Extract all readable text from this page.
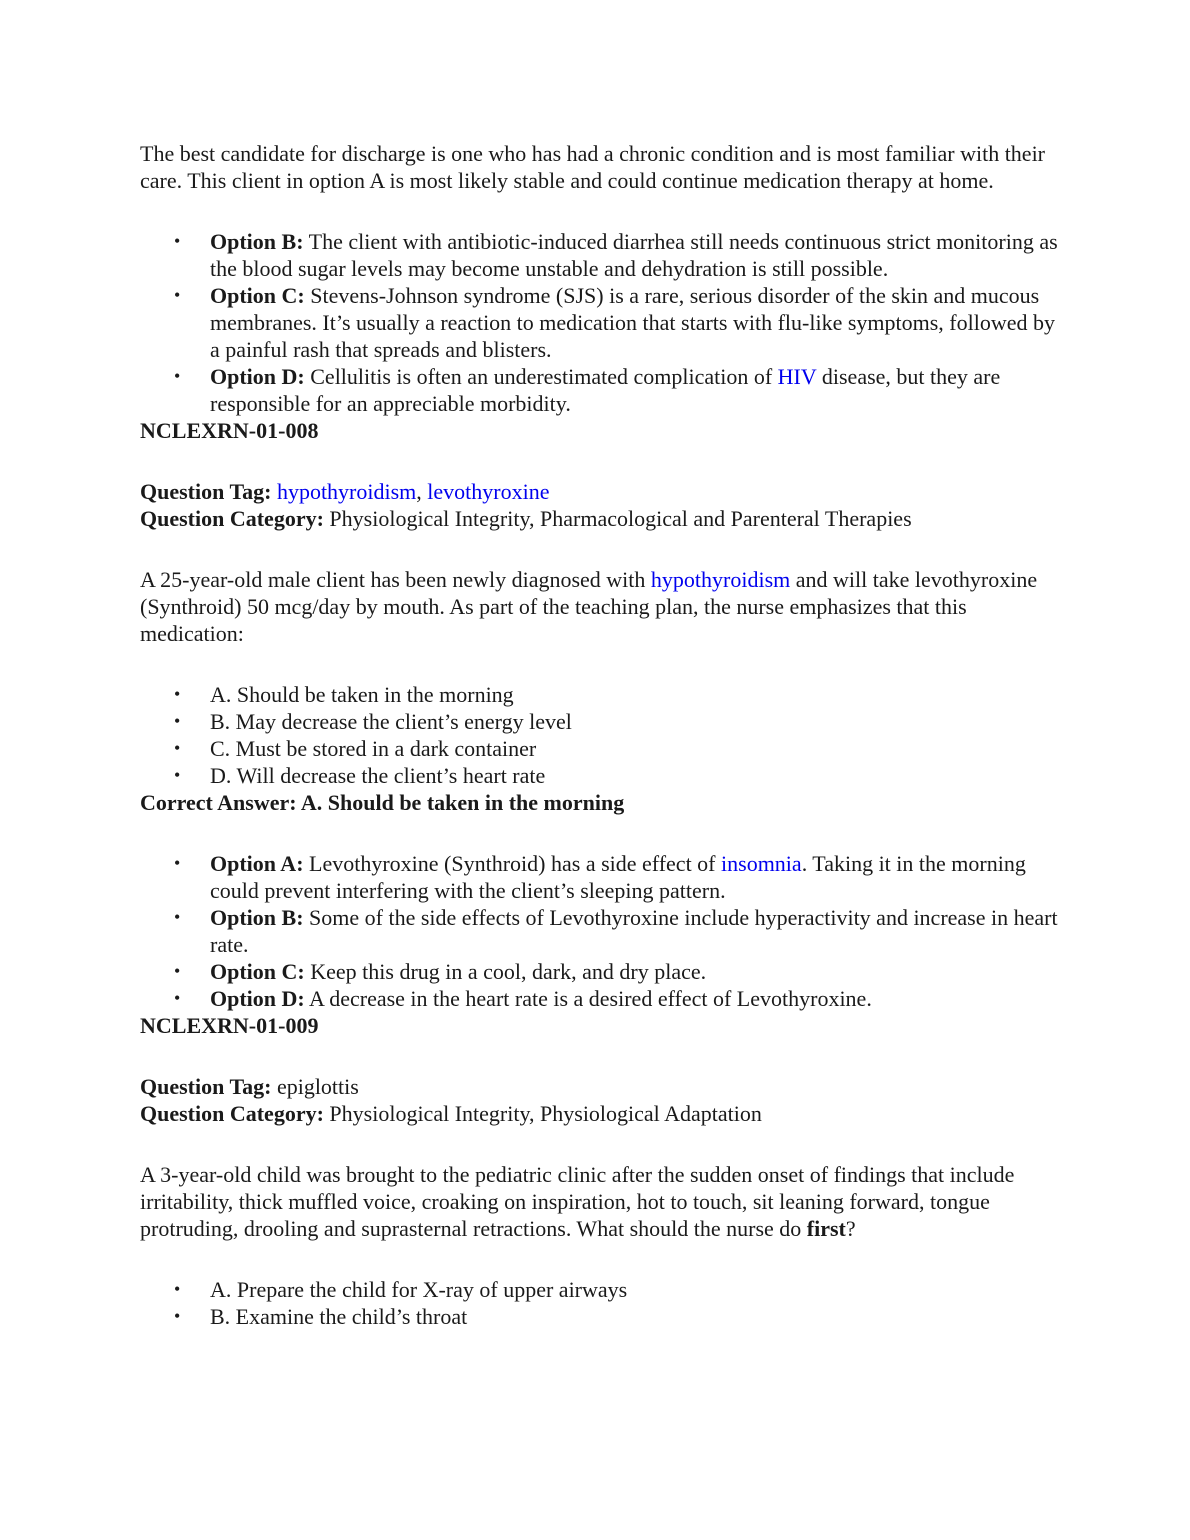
The best candidate for discharge is one who has had a chronic condition and is most familiar with their care. This client in option A is most likely stable and could continue medication therapy at home.

• Option B: The client with antibiotic-induced diarrhea still needs continuous strict monitoring as the blood sugar levels may become unstable and dehydration is still possible.
• Option C: Stevens-Johnson syndrome (SJS) is a rare, serious disorder of the skin and mucous membranes. It’s usually a reaction to medication that starts with flu-like symptoms, followed by a painful rash that spreads and blisters.
• Option D: Cellulitis is often an underestimated complication of HIV disease, but they are responsible for an appreciable morbidity.

NCLEXRN-01-008

Question Tag: hypothyroidism, levothyroxine

Question Category: Physiological Integrity, Pharmacological and Parenteral Therapies

A 25-year-old male client has been newly diagnosed with hypothyroidism and will take levothyroxine (Synthroid) 50 mcg/day by mouth. As part of the teaching plan, the nurse emphasizes that this medication:

• A. Should be taken in the morning
• B. May decrease the client’s energy level
• C. Must be stored in a dark container
• D. Will decrease the client’s heart rate

Correct Answer: A. Should be taken in the morning

• Option A: Levothyroxine (Synthroid) has a side effect of insomnia. Taking it in the morning could prevent interfering with the client’s sleeping pattern.
• Option B: Some of the side effects of Levothyroxine include hyperactivity and increase in heart rate.
• Option C: Keep this drug in a cool, dark, and dry place.
• Option D: A decrease in the heart rate is a desired effect of Levothyroxine.

NCLEXRN-01-009

Question Tag: epiglottis

Question Category: Physiological Integrity, Physiological Adaptation

A 3-year-old child was brought to the pediatric clinic after the sudden onset of findings that include irritability, thick muffled voice, croaking on inspiration, hot to touch, sit leaning forward, tongue protruding, drooling and suprasternal retractions. What should the nurse do first?

• A. Prepare the child for X-ray of upper airways
• B. Examine the child’s throat
